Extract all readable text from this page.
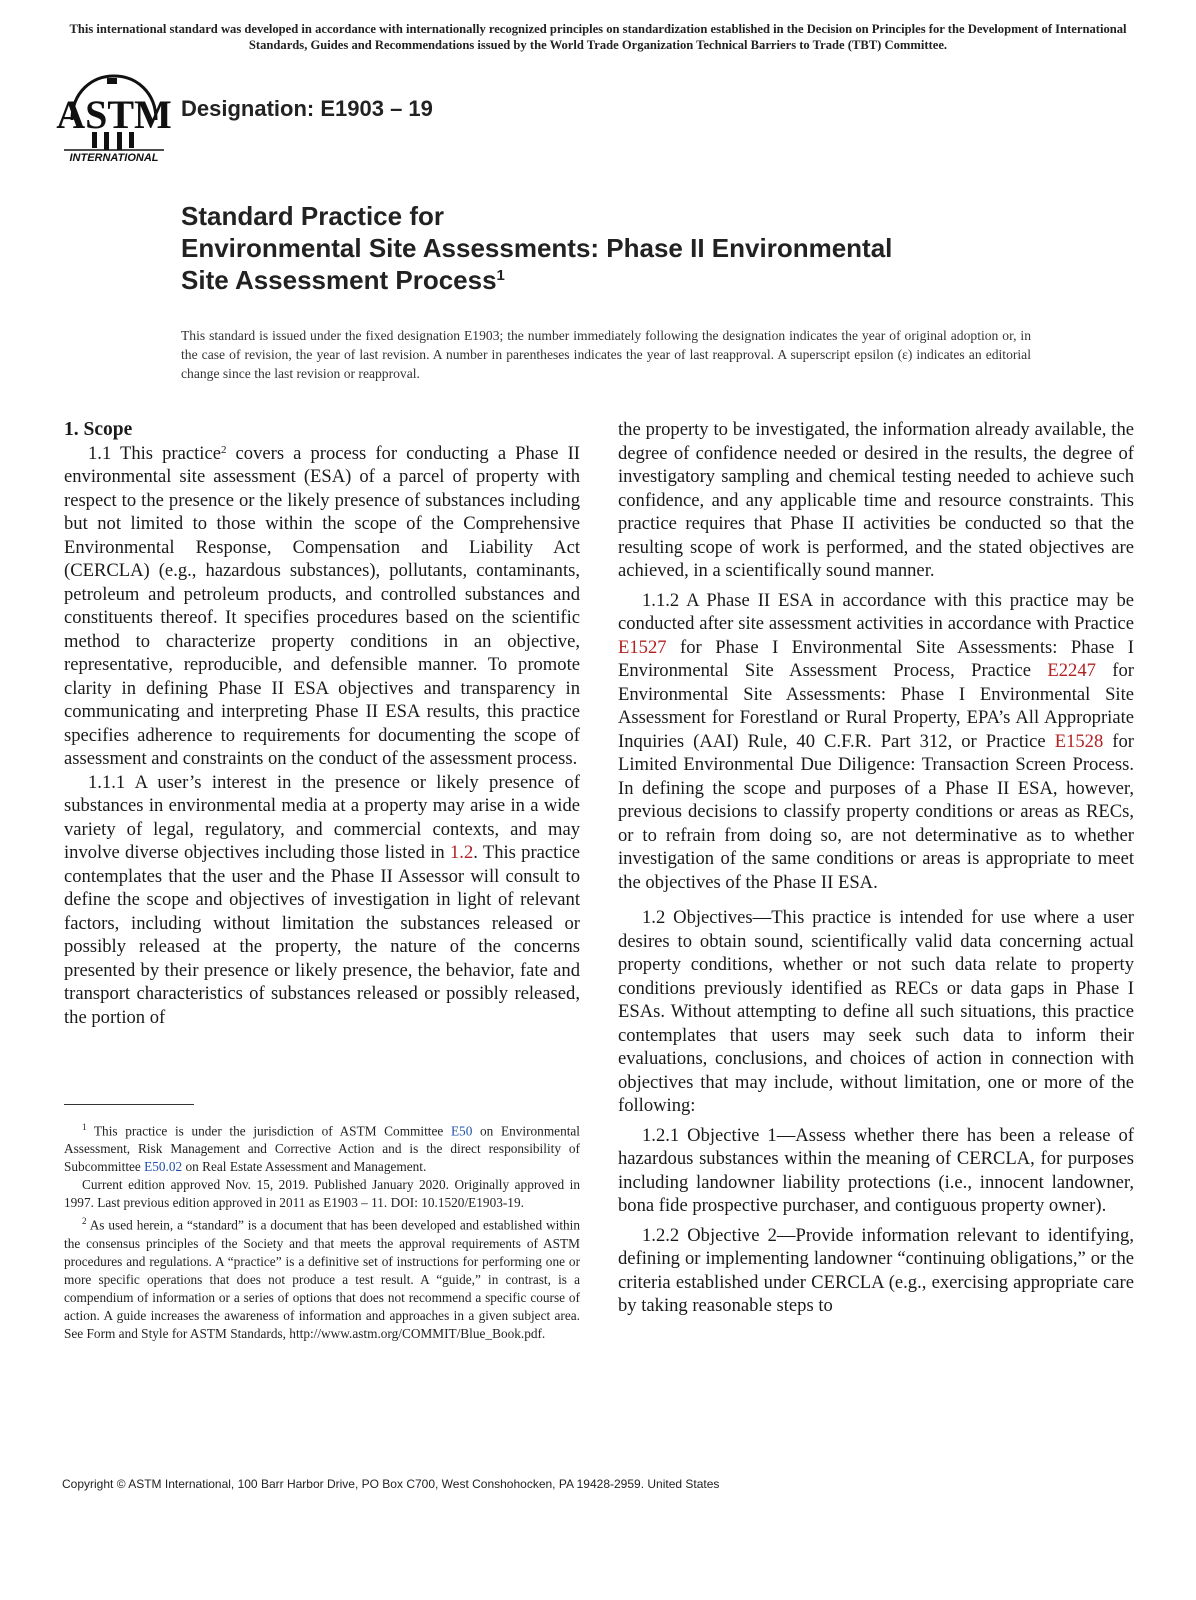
This international standard was developed in accordance with internationally recognized principles on standardization established in the Decision on Principles for the Development of International Standards, Guides and Recommendations issued by the World Trade Organization Technical Barriers to Trade (TBT) Committee.
ASTM
INTERNATIONAL
Designation: E1903 – 19
Standard Practice for
Environmental Site Assessments: Phase II Environmental
Site Assessment Process$^1$
This standard is issued under the fixed designation E1903; the number immediately following the designation indicates the year of original adoption or, in the case of revision, the year of last revision. A number in parentheses indicates the year of last reapproval. A superscript epsilon (ε) indicates an editorial change since the last revision or reapproval.

1. Scope

1.1 This practice$^2$ covers a process for conducting a Phase II environmental site assessment (ESA) of a parcel of property with respect to the presence or the likely presence of substances including but not limited to those within the scope of the Comprehensive Environmental Response, Compensation and Liability Act (CERCLA) (e.g., hazardous substances), pollutants, contaminants, petroleum and petroleum products, and controlled substances and constituents thereof. It specifies procedures based on the scientific method to characterize property conditions in an objective, representative, reproducible, and defensible manner. To promote clarity in defining Phase II ESA objectives and transparency in communicating and interpreting Phase II ESA results, this practice specifies adherence to requirements for documenting the scope of assessment and constraints on the conduct of the assessment process.

1.1.1 A user’s interest in the presence or likely presence of substances in environmental media at a property may arise in a wide variety of legal, regulatory, and commercial contexts, and may involve diverse objectives including those listed in 1.2. This practice contemplates that the user and the Phase II Assessor will consult to define the scope and objectives of investigation in light of relevant factors, including without limitation the substances released or possibly released at the property, the nature of the concerns presented by their presence or likely presence, the behavior, fate and transport characteristics of substances released or possibly released, the portion of

$^1$ This practice is under the jurisdiction of ASTM Committee E50 on Environmental Assessment, Risk Management and Corrective Action and is the direct responsibility of Subcommittee E50.02 on Real Estate Assessment and Management.

Current edition approved Nov. 15, 2019. Published January 2020. Originally approved in 1997. Last previous edition approved in 2011 as E1903 – 11. DOI: 10.1520/E1903-19.

$^2$ As used herein, a “standard” is a document that has been developed and established within the consensus principles of the Society and that meets the approval requirements of ASTM procedures and regulations. A “practice” is a definitive set of instructions for performing one or more specific operations that does not produce a test result. A “guide,” in contrast, is a compendium of information or a series of options that does not recommend a specific course of action. A guide increases the awareness of information and approaches in a given subject area. See Form and Style for ASTM Standards, http://www.astm.org/COMMIT/Blue_Book.pdf.

the property to be investigated, the information already available, the degree of confidence needed or desired in the results, the degree of investigatory sampling and chemical testing needed to achieve such confidence, and any applicable time and resource constraints. This practice requires that Phase II activities be conducted so that the resulting scope of work is performed, and the stated objectives are achieved, in a scientifically sound manner.

1.1.2 A Phase II ESA in accordance with this practice may be conducted after site assessment activities in accordance with Practice E1527 for Phase I Environmental Site Assessments: Phase I Environmental Site Assessment Process, Practice E2247 for Environmental Site Assessments: Phase I Environmental Site Assessment for Forestland or Rural Property, EPA’s All Appropriate Inquiries (AAI) Rule, 40 C.F.R. Part 312, or Practice E1528 for Limited Environmental Due Diligence: Transaction Screen Process. In defining the scope and purposes of a Phase II ESA, however, previous decisions to classify property conditions or areas as RECs, or to refrain from doing so, are not determinative as to whether investigation of the same conditions or areas is appropriate to meet the objectives of the Phase II ESA.

1.2 Objectives—This practice is intended for use where a user desires to obtain sound, scientifically valid data concerning actual property conditions, whether or not such data relate to property conditions previously identified as RECs or data gaps in Phase I ESAs. Without attempting to define all such situations, this practice contemplates that users may seek such data to inform their evaluations, conclusions, and choices of action in connection with objectives that may include, without limitation, one or more of the following:

1.2.1 Objective 1—Assess whether there has been a release of hazardous substances within the meaning of CERCLA, for purposes including landowner liability protections (i.e., innocent landowner, bona fide prospective purchaser, and contiguous property owner).

1.2.2 Objective 2—Provide information relevant to identifying, defining or implementing landowner “continuing obligations,” or the criteria established under CERCLA (e.g., exercising appropriate care by taking reasonable steps to

Copyright © ASTM International, 100 Barr Harbor Drive, PO Box C700, West Conshohocken, PA 19428-2959. United States
